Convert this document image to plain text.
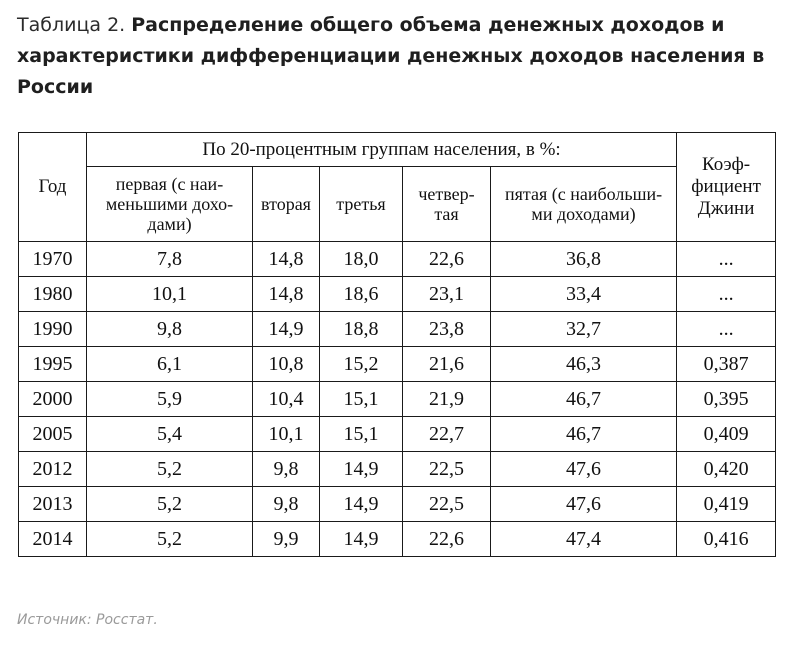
Таблица 2. Распределение общего объема денежных доходов и характеристики дифференциации денежных доходов населения в России
Год	По 20-процентным группам населения, в %:					Коэф-фициент Джини
	первая (с наи-меньшими дохо-дами)	вторая	третья	четвер-тая	пятая (с наибольши-ми доходами)	
1970	7,8	14,8	18,0	22,6	36,8	...
1980	10,1	14,8	18,6	23,1	33,4	...
1990	9,8	14,9	18,8	23,8	32,7	...
1995	6,1	10,8	15,2	21,6	46,3	0,387
2000	5,9	10,4	15,1	21,9	46,7	0,395
2005	5,4	10,1	15,1	22,7	46,7	0,409
2012	5,2	9,8	14,9	22,5	47,6	0,420
2013	5,2	9,8	14,9	22,5	47,6	0,419
2014	5,2	9,9	14,9	22,6	47,4	0,416
Источник: Росстат.
